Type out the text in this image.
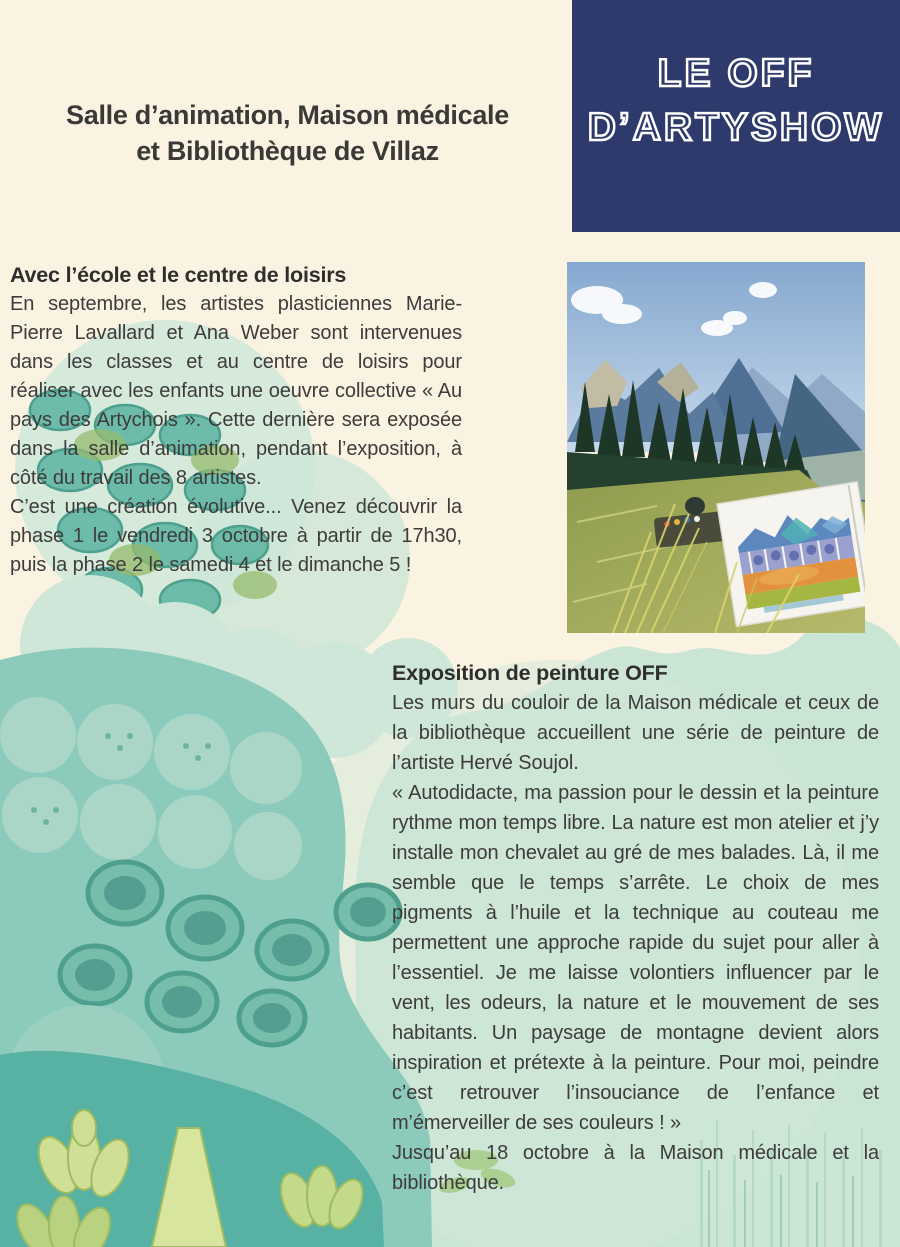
LE OFF
D’ARTYSHOW
Salle d’animation, Maison médicale
et Bibliothèque de Villaz
Avec l’école et le centre de loisirs

En septembre, les artistes plasticiennes Marie-Pierre Lavallard et Ana Weber sont intervenues dans les classes et au centre de loisirs pour réaliser avec les enfants une oeuvre collective « Au pays des Artychois ». Cette dernière sera exposée dans la salle d’animation, pendant l’exposition, à côté du travail des 8 artistes.

C’est une création évolutive... Venez découvrir la phase 1 le vendredi 3 octobre à partir de 17h30, puis la phase 2 le samedi 4 et le dimanche 5 !

Exposition de peinture OFF

Les murs du couloir de la Maison médicale et ceux de la bibliothèque accueillent une série de peinture de l’artiste Hervé Soujol.

« Autodidacte, ma passion pour le dessin et la peinture rythme mon temps libre. La nature est mon atelier et j’y installe mon chevalet au gré de mes balades. Là, il me semble que le temps s’arrête. Le choix de mes pigments à l’huile et la technique au couteau me permettent une approche rapide du sujet pour aller à l’essentiel. Je me laisse volontiers influencer par le vent, les odeurs, la nature et le mouvement de ses habitants. Un paysage de montagne devient alors inspiration et prétexte à la peinture. Pour moi, peindre c’est retrouver l’insouciance de l’enfance et m’émerveiller de ses couleurs ! »

Jusqu’au 18 octobre à la Maison médicale et la bibliothèque.
